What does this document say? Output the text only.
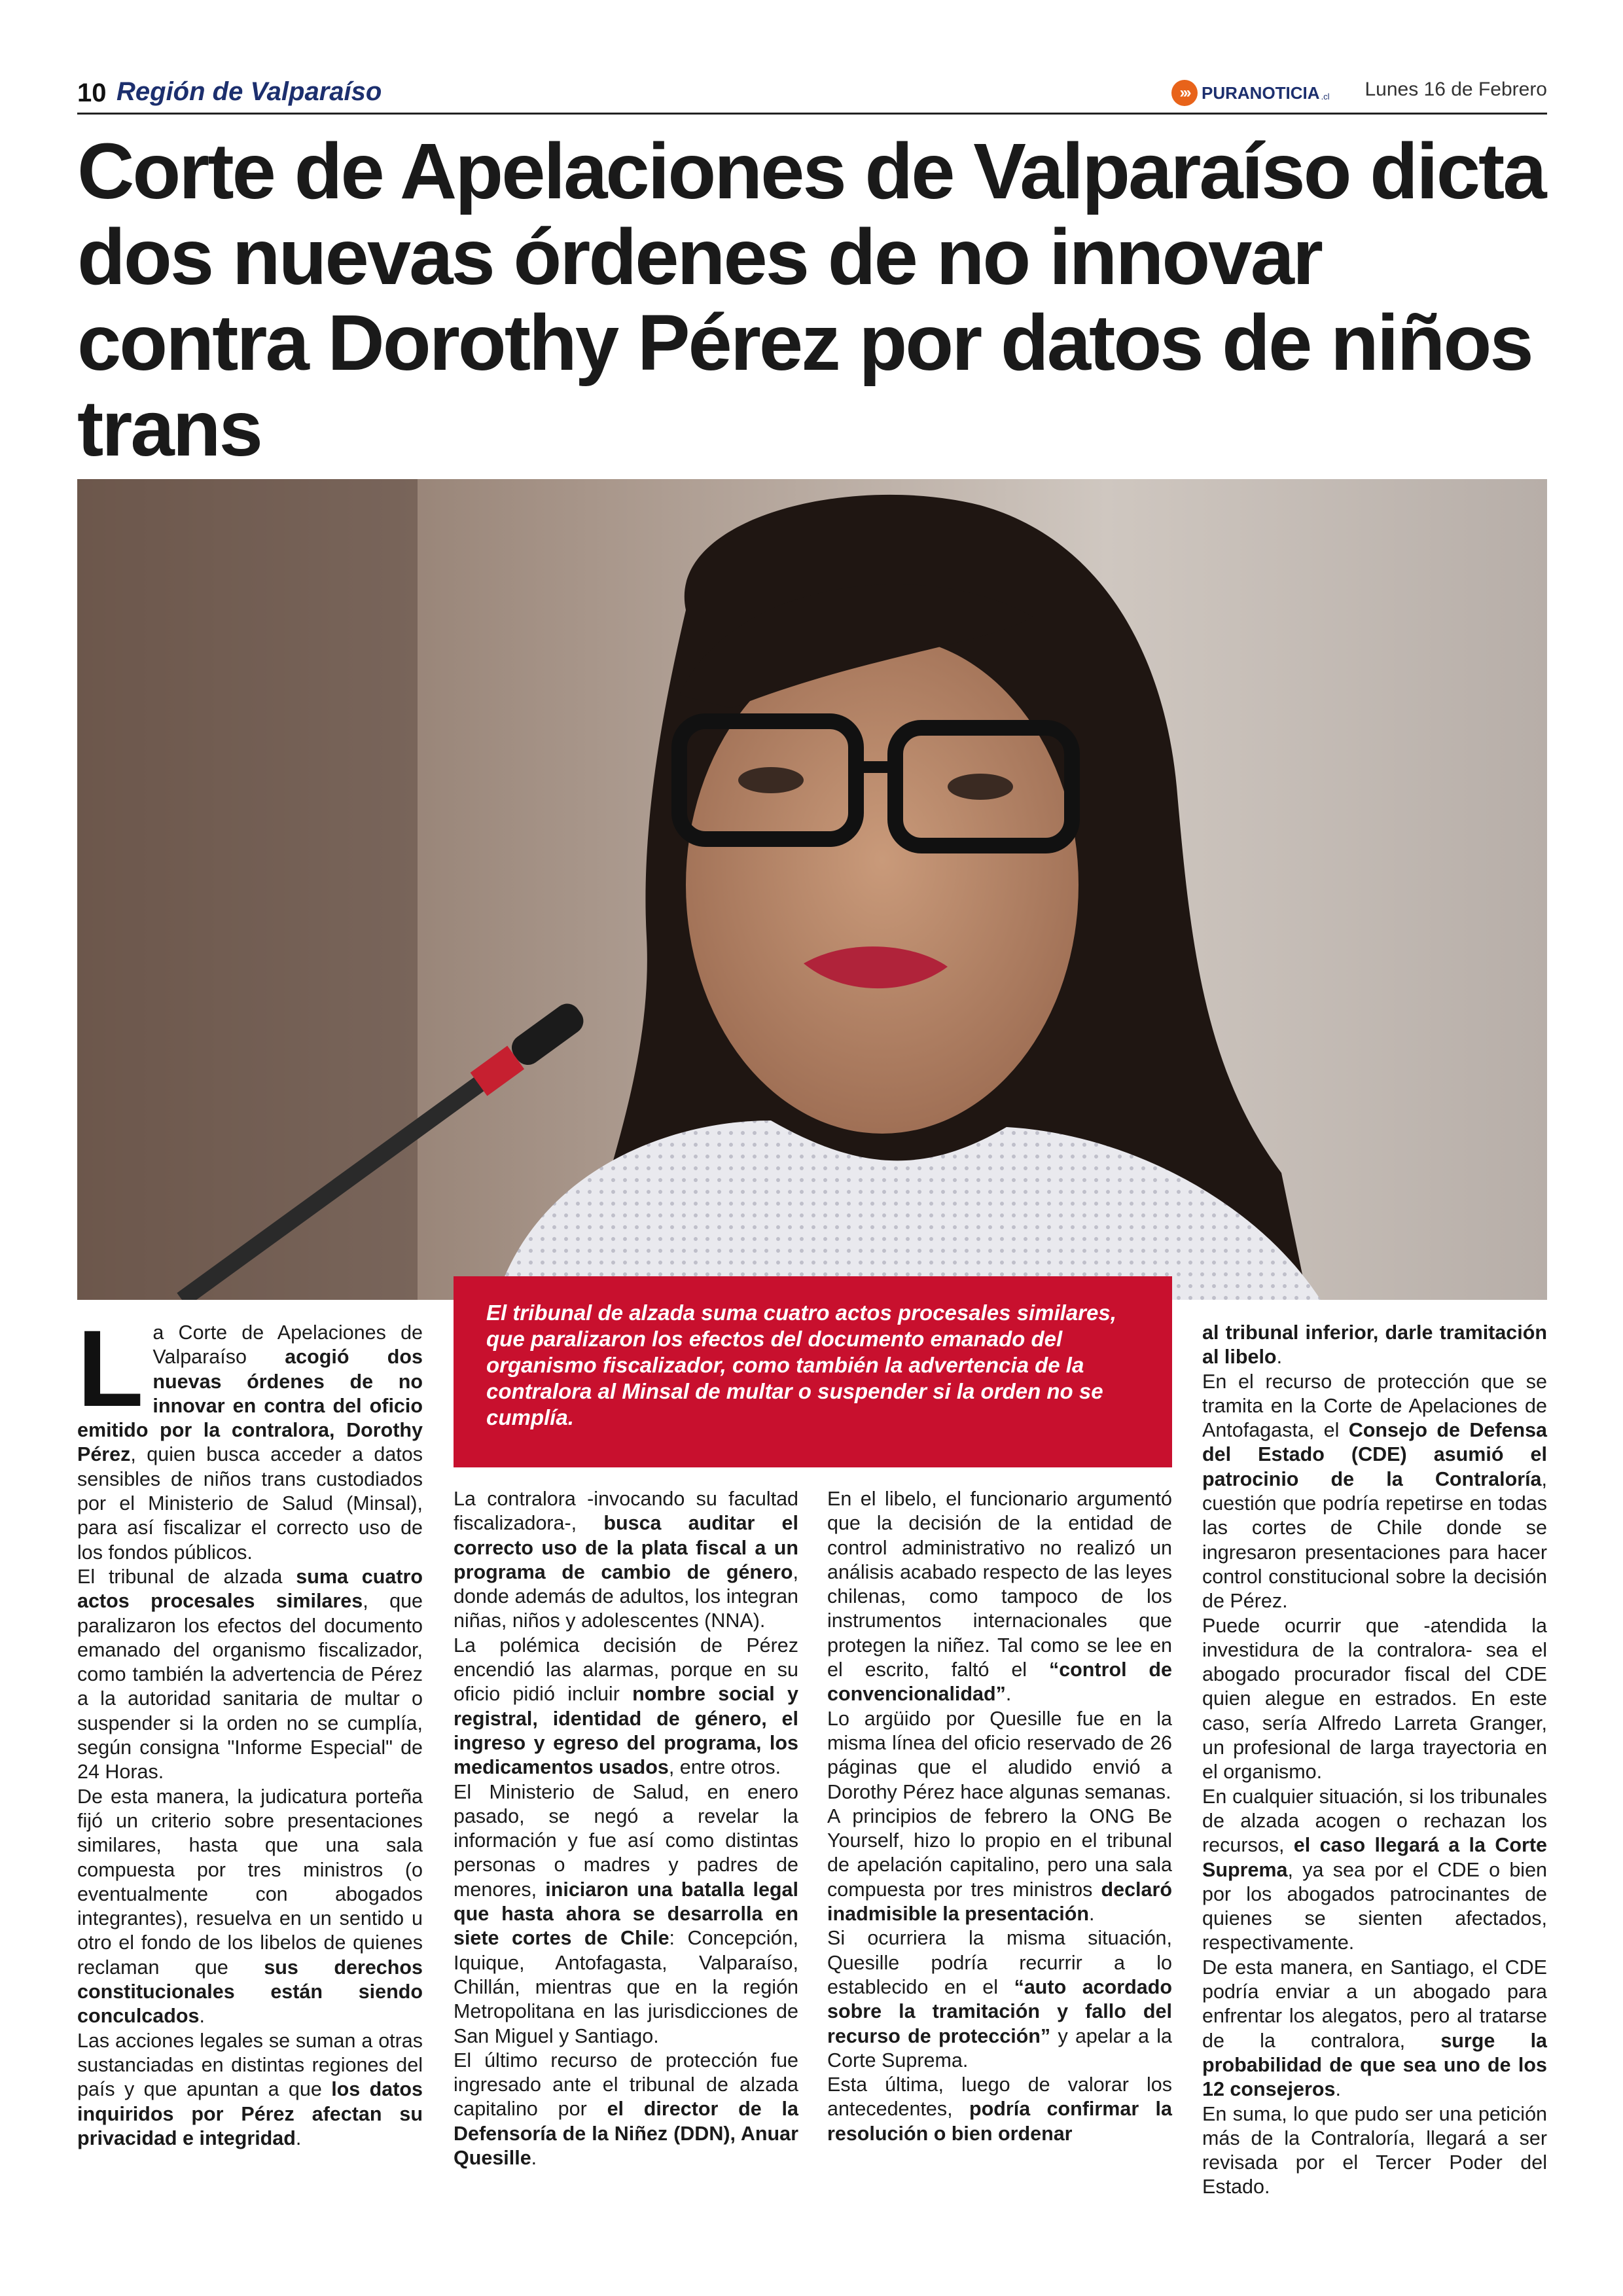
10 Región de Valparaíso	››› PURANOTICIA .cl Lunes 16 de Febrero
Corte de Apelaciones de Valparaíso dicta dos nuevas órdenes de no innovar contra Dorothy Pérez por datos de niños trans

El tribunal de alzada suma cuatro actos procesales similares, que paralizaron los efectos del documento emanado del organismo fiscalizador, como también la advertencia de la contralora al Minsal de multar o suspender si la orden no se cumplía.

La Corte de Apelaciones de Valparaíso acogió dos nuevas órdenes de no innovar en contra del oficio emitido por la contralora, Dorothy Pérez, quien busca acceder a datos sensibles de niños trans custodiados por el Ministerio de Salud (Minsal), para así fiscalizar el correcto uso de los fondos públicos.

El tribunal de alzada suma cuatro actos procesales similares, que paralizaron los efectos del documento emanado del organismo fiscalizador, como también la advertencia de Pérez a la autoridad sanitaria de multar o suspender si la orden no se cumplía, según consigna "Informe Especial" de 24 Horas.

De esta manera, la judicatura porteña fijó un criterio sobre presentaciones similares, hasta que una sala compuesta por tres ministros (o eventualmente con abogados integrantes), resuelva en un sentido u otro el fondo de los libelos de quienes reclaman que sus derechos constitucionales están siendo conculcados.

Las acciones legales se suman a otras sustanciadas en distintas regiones del país y que apuntan a que los datos inquiridos por Pérez afectan su privacidad e integridad.

La contralora -invocando su facultad fiscalizadora-, busca auditar el correcto uso de la plata fiscal a un programa de cambio de género, donde además de adultos, los integran niñas, niños y adolescentes (NNA).

La polémica decisión de Pérez encendió las alarmas, porque en su oficio pidió incluir nombre social y registral, identidad de género, el ingreso y egreso del programa, los medicamentos usados, entre otros.

El Ministerio de Salud, en enero pasado, se negó a revelar la información y fue así como distintas personas o madres y padres de menores, iniciaron una batalla legal que hasta ahora se desarrolla en siete cortes de Chile: Concepción, Iquique, Antofagasta, Valparaíso, Chillán, mientras que en la región Metropolitana en las jurisdicciones de San Miguel y Santiago.

El último recurso de protección fue ingresado ante el tribunal de alzada capitalino por el director de la Defensoría de la Niñez (DDN), Anuar Quesille.

En el libelo, el funcionario argumentó que la decisión de la entidad de control administrativo no realizó un análisis acabado respecto de las leyes chilenas, como tampoco de los instrumentos internacionales que protegen la niñez. Tal como se lee en el escrito, faltó el “control de convencionalidad”.

Lo argüido por Quesille fue en la misma línea del oficio reservado de 26 páginas que el aludido envió a Dorothy Pérez hace algunas semanas.

A principios de febrero la ONG Be Yourself, hizo lo propio en el tribunal de apelación capitalino, pero una sala compuesta por tres ministros declaró inadmisible la presentación.

Si ocurriera la misma situación, Quesille podría recurrir a lo establecido en el “auto acordado sobre la tramitación y fallo del recurso de protección” y apelar a la Corte Suprema.

Esta última, luego de valorar los antecedentes, podría confirmar la resolución o bien ordenar

al tribunal inferior, darle tramitación al libelo.

En el recurso de protección que se tramita en la Corte de Apelaciones de Antofagasta, el Consejo de Defensa del Estado (CDE) asumió el patrocinio de la Contraloría, cuestión que podría repetirse en todas las cortes de Chile donde se ingresaron presentaciones para hacer control constitucional sobre la decisión de Pérez.

Puede ocurrir que -atendida la investidura de la contralora- sea el abogado procurador fiscal del CDE quien alegue en estrados. En este caso, sería Alfredo Larreta Granger, un profesional de larga trayectoria en el organismo.

En cualquier situación, si los tribunales de alzada acogen o rechazan los recursos, el caso llegará a la Corte Suprema, ya sea por el CDE o bien por los abogados patrocinantes de quienes se sienten afectados, respectivamente.

De esta manera, en Santiago, el CDE podría enviar a un abogado para enfrentar los alegatos, pero al tratarse de la contralora, surge la probabilidad de que sea uno de los 12 consejeros.

En suma, lo que pudo ser una petición más de la Contraloría, llegará a ser revisada por el Tercer Poder del Estado.
